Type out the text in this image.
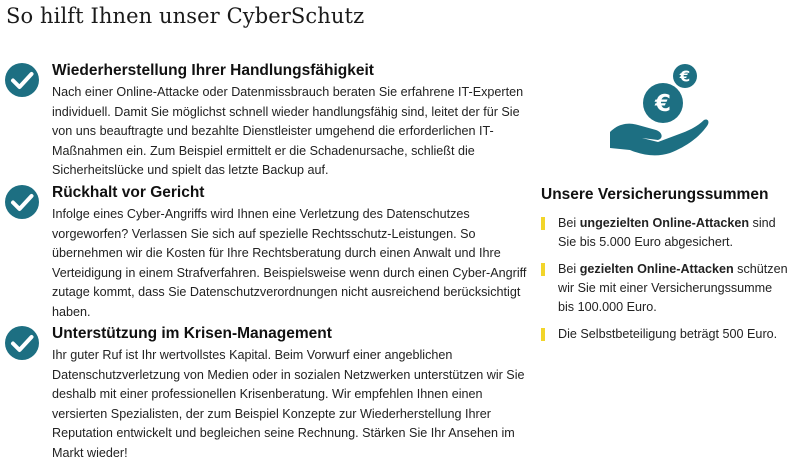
So hilft Ihnen unser CyberSchutz
Wiederherstellung Ihrer Handlungsfähigkeit

Nach einer Online-Attacke oder Datenmissbrauch beraten Sie erfahrene IT-Experten individuell. Damit Sie möglichst schnell wieder handlungsfähig sind, leitet der für Sie von uns beauftragte und bezahlte Dienstleister umgehend die erforderlichen IT-Maßnahmen ein. Zum Beispiel ermittelt er die Schadenursache, schließt die Sicherheitslücke und spielt das letzte Backup auf.

Rückhalt vor Gericht

Infolge eines Cyber-Angriffs wird Ihnen eine Verletzung des Datenschutzes vorgeworfen? Verlassen Sie sich auf spezielle Rechtsschutz-Leistungen. So übernehmen wir die Kosten für Ihre Rechtsberatung durch einen Anwalt und Ihre Verteidigung in einem Strafverfahren. Beispielsweise wenn durch einen Cyber-Angriff zutage kommt, dass Sie Datenschutzverordnungen nicht ausreichend berücksichtigt haben.

Unterstützung im Krisen-Management

Ihr guter Ruf ist Ihr wertvollstes Kapital. Beim Vorwurf einer angeblichen Datenschutzverletzung von Medien oder in sozialen Netzwerken unterstützen wir Sie deshalb mit einer professionellen Krisenberatung. Wir empfehlen Ihnen einen versierten Spezialisten, der zum Beispiel Konzepte zur Wiederherstellung Ihrer Reputation entwickelt und begleichen seine Rechnung. Stärken Sie Ihr Ansehen im Markt wieder!

€
€
Unsere Versicherungssummen
Bei ungezielten Online-Attacken sind Sie bis 5.000 Euro abgesichert.
Bei gezielten Online-Attacken schützen wir Sie mit einer Versicherungssumme bis 100.000 Euro.
Die Selbstbeteiligung beträgt 500 Euro.
